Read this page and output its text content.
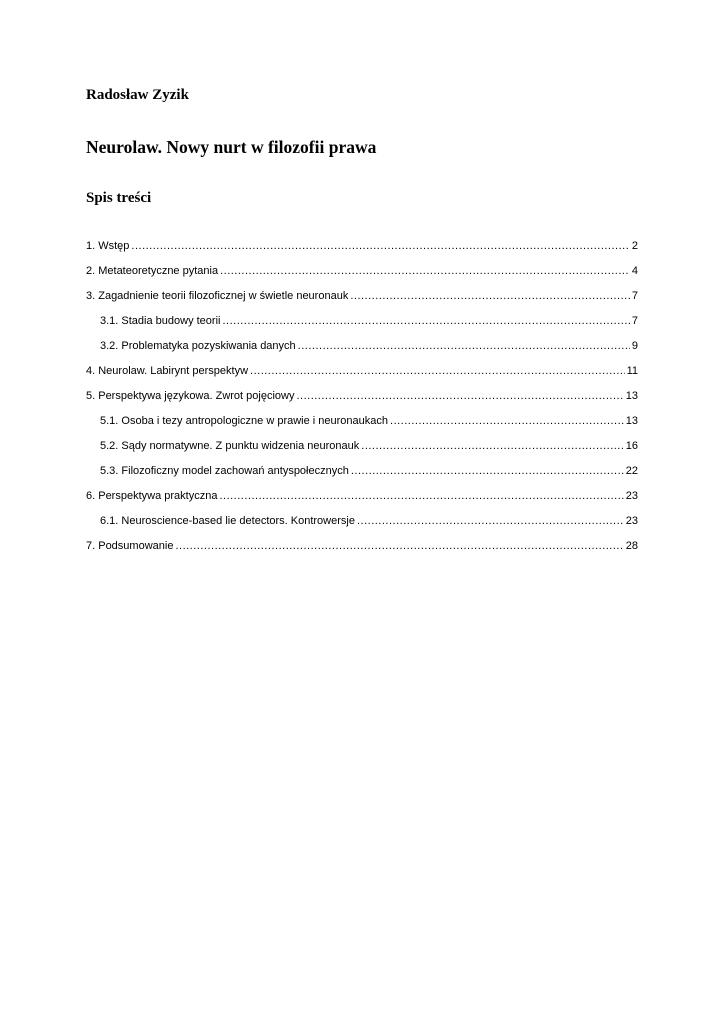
Radosław Zyzik

Neurolaw. Nowy nurt w filozofii prawa
Spis treści
1. Wstęp .....	2
2. Metateoretyczne pytania .....	4
3. Zagadnienie teorii filozoficznej w świetle neuronauk .....	7
3.1. Stadia budowy teorii .....	7
3.2. Problematyka pozyskiwania danych .....	9
4. Neurolaw. Labirynt perspektyw .....	11
5. Perspektywa językowa. Zwrot pojęciowy .....	13
5.1. Osoba i tezy antropologiczne w prawie i neuronaukach .....	13
5.2. Sądy normatywne. Z punktu widzenia neuronauk .....	16
5.3. Filozoficzny model zachowań antyspołecznych .....	22
6. Perspektywa praktyczna .....	23
6.1. Neuroscience-based lie detectors. Kontrowersje .....	23
7. Podsumowanie .....	28
